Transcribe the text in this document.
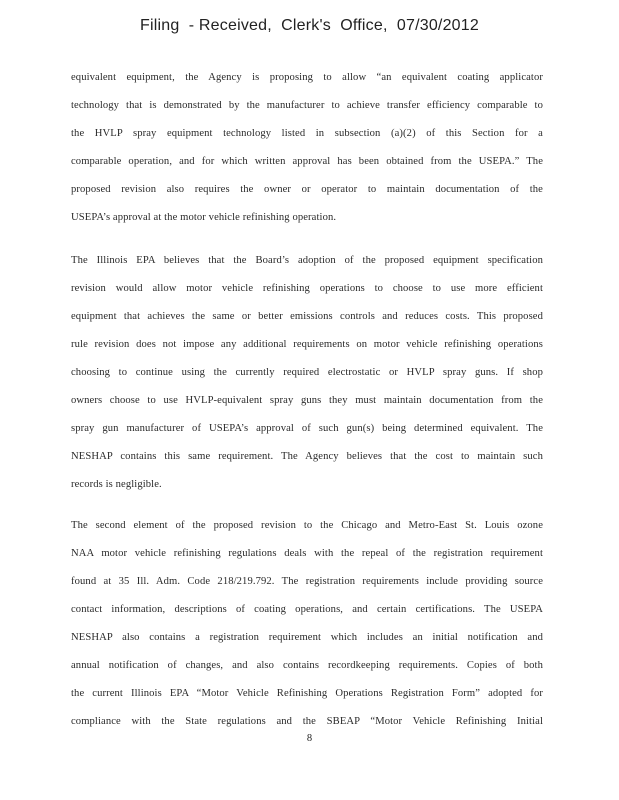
Filing  - Received,  Clerk's  Office,  07/30/2012
equivalent equipment, the Agency is proposing to allow “an equivalent coating applicator
technology that is demonstrated by the manufacturer to achieve transfer efficiency comparable to
the HVLP spray equipment technology listed in subsection (a)(2) of this Section for a
comparable operation, and for which written approval has been obtained from the USEPA.” The
proposed revision also requires the owner or operator to maintain documentation of the
USEPA’s approval at the motor vehicle refinishing operation.
The Illinois EPA believes that the Board’s adoption of the proposed equipment specification
revision would allow motor vehicle refinishing operations to choose to use more efficient
equipment that achieves the same or better emissions controls and reduces costs. This proposed
rule revision does not impose any additional requirements on motor vehicle refinishing operations
choosing to continue using the currently required electrostatic or HVLP spray guns. If shop
owners choose to use HVLP-equivalent spray guns they must maintain documentation from the
spray gun manufacturer of USEPA’s approval of such gun(s) being determined equivalent. The
NESHAP contains this same requirement. The Agency believes that the cost to maintain such
records is negligible.
The second element of the proposed revision to the Chicago and Metro-East St. Louis ozone
NAA motor vehicle refinishing regulations deals with the repeal of the registration requirement
found at 35 Ill. Adm. Code 218/219.792. The registration requirements include providing source
contact information, descriptions of coating operations, and certain certifications. The USEPA
NESHAP also contains a registration requirement which includes an initial notification and
annual notification of changes, and also contains recordkeeping requirements. Copies of both
the current Illinois EPA “Motor Vehicle Refinishing Operations Registration Form” adopted for
compliance with the State regulations and the SBEAP “Motor Vehicle Refinishing Initial
8
